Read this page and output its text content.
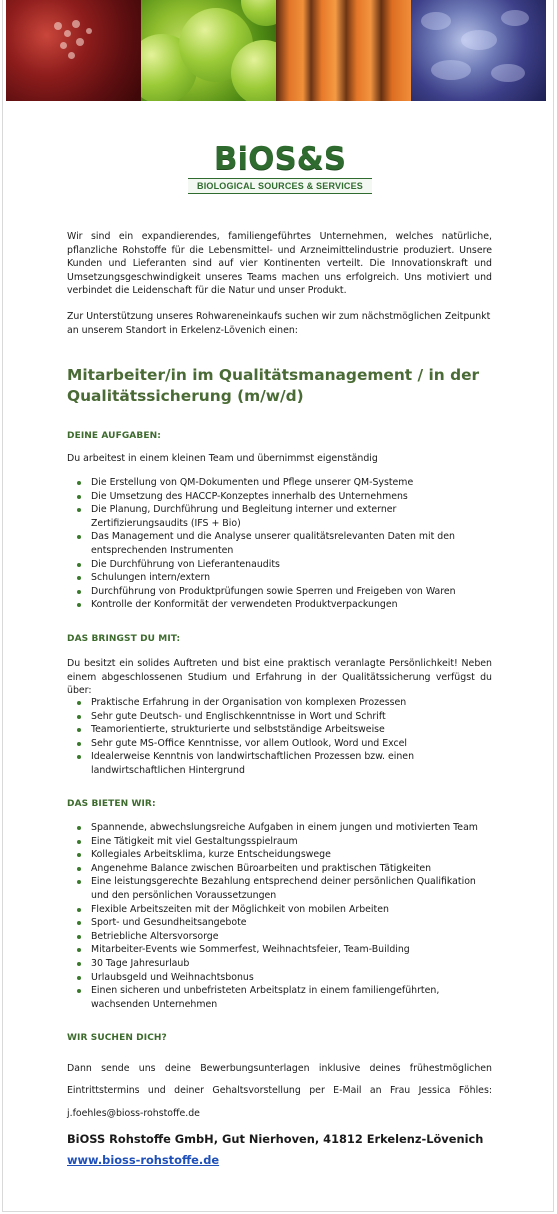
BiOS&S
BIOLOGICAL SOURCES & SERVICES

Wir sind ein expandierendes, familiengeführtes Unternehmen, welches natürliche, pflanzliche Rohstoffe für die Lebensmittel- und Arzneimittelindustrie produziert. Unsere Kunden und Lieferanten sind auf vier Kontinenten verteilt. Die Innovationskraft und Umsetzungsgeschwindigkeit unseres Teams machen uns erfolgreich. Uns motiviert und verbindet die Leidenschaft für die Natur und unser Produkt.

Zur Unterstützung unseres Rohwareneinkaufs suchen wir zum nächstmöglichen Zeitpunkt an unserem Standort in Erkelenz-Lövenich einen:

Mitarbeiter/in im Qualitätsmanagement / in der Qualitätssicherung (m/w/d)
DEINE AUFGABEN:
Du arbeitest in einem kleinen Team und übernimmst eigenständig
Die Erstellung von QM-Dokumenten und Pflege unserer QM-Systeme
Die Umsetzung des HACCP-Konzeptes innerhalb des Unternehmens
Die Planung, Durchführung und Begleitung interner und externer Zertifizierungsaudits (IFS + Bio)
Das Management und die Analyse unserer qualitätsrelevanten Daten mit den entsprechenden Instrumenten
Die Durchführung von Lieferantenaudits
Schulungen intern/extern
Durchführung von Produktprüfungen sowie Sperren und Freigeben von Waren
Kontrolle der Konformität der verwendeten Produktverpackungen
DAS BRINGST DU MIT:
Du besitzt ein solides Auftreten und bist eine praktisch veranlagte Persönlichkeit! Neben einem abgeschlossenen Studium und Erfahrung in der Qualitätssicherung verfügst du über:
Praktische Erfahrung in der Organisation von komplexen Prozessen
Sehr gute Deutsch- und Englischkenntnisse in Wort und Schrift
Teamorientierte, strukturierte und selbstständige Arbeitsweise
Sehr gute MS-Office Kenntnisse, vor allem Outlook, Word und Excel
Idealerweise Kenntnis von landwirtschaftlichen Prozessen bzw. einen landwirtschaftlichen Hintergrund
DAS BIETEN WIR:
Spannende, abwechslungsreiche Aufgaben in einem jungen und motivierten Team
Eine Tätigkeit mit viel Gestaltungsspielraum
Kollegiales Arbeitsklima, kurze Entscheidungswege
Angenehme Balance zwischen Büroarbeiten und praktischen Tätigkeiten
Eine leistungsgerechte Bezahlung entsprechend deiner persönlichen Qualifikation und den persönlichen Voraussetzungen
Flexible Arbeitszeiten mit der Möglichkeit von mobilen Arbeiten
Sport- und Gesundheitsangebote
Betriebliche Altersvorsorge
Mitarbeiter-Events wie Sommerfest, Weihnachtsfeier, Team-Building
30 Tage Jahresurlaub
Urlaubsgeld und Weihnachtsbonus
Einen sicheren und unbefristeten Arbeitsplatz in einem familiengeführten, wachsenden Unternehmen
WIR SUCHEN DICH?

Dann sende uns deine Bewerbungsunterlagen inklusive deines frühestmöglichen Eintrittstermins und deiner Gehaltsvorstellung per E-Mail an Frau Jessica Föhles: j.foehles@bioss-rohstoffe.de

BiOSS Rohstoffe GmbH, Gut Nierhoven, 41812 Erkelenz-Lövenich
www.bioss-rohstoffe.de
